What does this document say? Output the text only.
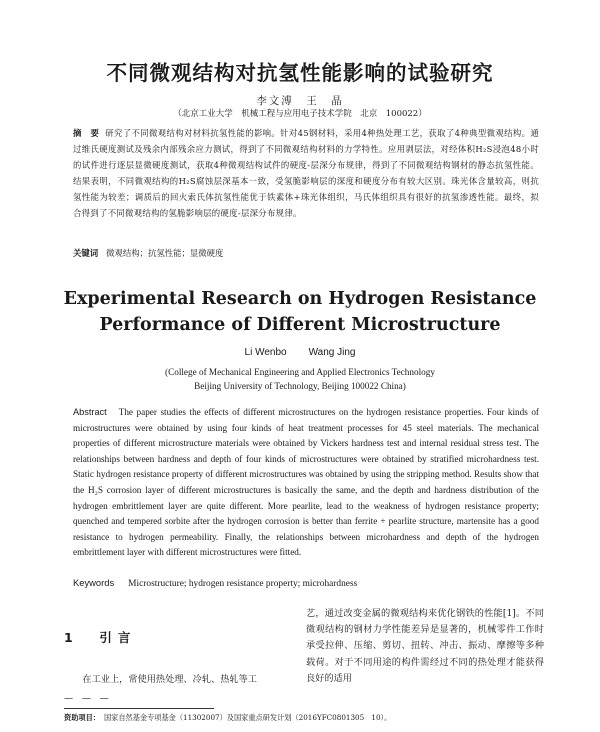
不同微观结构对抗氢性能影响的试验研究
李文溥　王　晶
（北京工业大学　机械工程与应用电子技术学院　北京　100022）
摘　要 研究了不同微观结构对材料抗氢性能的影响。针对45钢材料，采用4种热处理工艺，获取了4种典型微观结构。通过维氏硬度测试及残余内部残余应力测试，得到了不同微观结构材料的力学特性。应用剥层法，对经体积H₂S浸泡48小时的试件进行逐层显微硬度测试，获取4种微观结构试件的硬度-层深分布规律，得到了不同微观结构钢材的静态抗氢性能。结果表明，不同微观结构的H₂S腐蚀层深基本一致，受氢脆影响层的深度和硬度分布有较大区别。珠光体含量较高，则抗氢性能为较差；调质后的回火索氏体抗氢性能优于铁素体+珠光体组织，马氏体组织具有很好的抗氢渗透性能。最终，拟合得到了不同微观结构的氢脆影响层的硬度-层深分布规律。
关键词 微观结构；抗氢性能；显微硬度
Experimental Research on Hydrogen Resistance
Performance of Different Microstructure
Li Wenbo Wang Jing
(College of Mechanical Engineering and Applied Electronics Technology
Beijing University of Technology, Beijing 100022 China)
Abstract The paper studies the effects of different microstructures on the hydrogen resistance properties. Four kinds of microstructures were obtained by using four kinds of heat treatment processes for 45 steel materials. The mechanical properties of different microstructure materials were obtained by Vickers hardness test and internal residual stress test. The relationships between hardness and depth of four kinds of microstructures were obtained by stratified microhardness test. Static hydrogen resistance property of different microstructures was obtained by using the stripping method. Results show that the H₂S corrosion layer of different microstructures is basically the same, and the depth and hardness distribution of the hydrogen embrittlement layer are quite different. More pearlite, lead to the weakness of hydrogen resistance property; quenched and tempered sorbite after the hydrogen corrosion is better than ferrite + pearlite structure, martensite has a good resistance to hydrogen permeability. Finally, the relationships between microhardness and depth of the hydrogen embrittlement layer with different microstructures were fitted.
Keywords Microstructure; hydrogen resistance property; microhardness
1 引言
在工业上，常使用热处理、冷轧、热轧等工
— — —
艺，通过改变金属的微观结构来优化钢铁的性能[1]。不同微观结构的钢材力学性能差异是显著的，机械零件工作时承受拉伸、压缩、剪切、扭转、冲击、振动、摩擦等多种载荷。对于不同用途的构件需经过不同的热处理才能获得良好的适用
资助项目： 国家自然基金专项基金（11302007）及国家重点研发计划（2016YFC0801305　10）。
